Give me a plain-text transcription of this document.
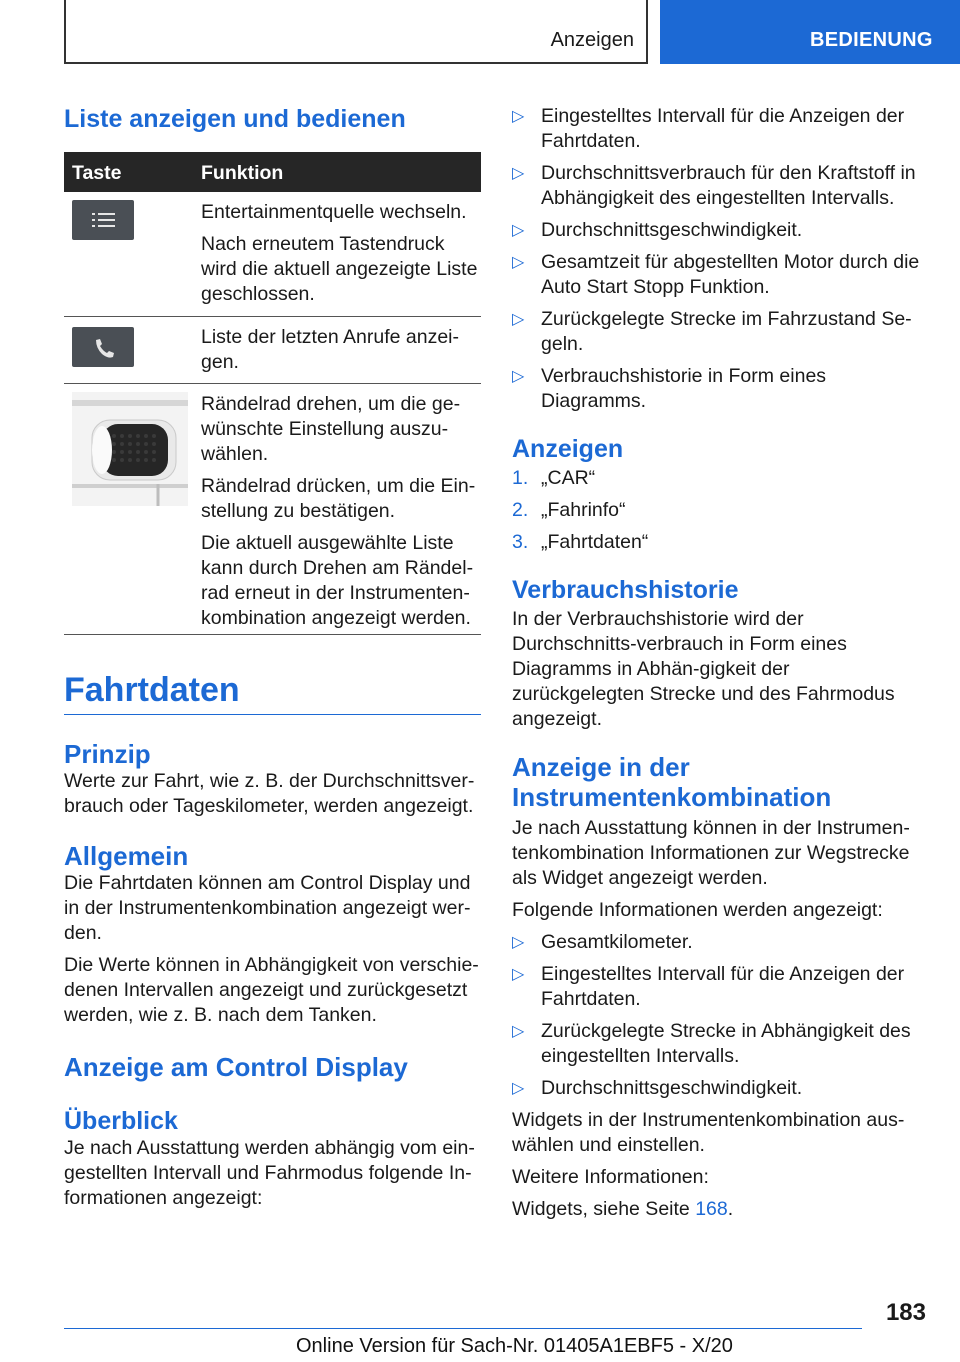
Anzeigen	BEDIENUNG
Liste anzeigen und bedienen
Taste	Funktion

Entertainmentquelle wechseln.

Nach erneutem Tastendruck wird die aktuell angezeigte Liste geschlossen.

Liste der letzten Anrufe anzei-gen.

Rändelrad drehen, um die ge-wünschte Einstellung auszu-wählen.

Rändelrad drücken, um die Ein-stellung zu bestätigen.

Die aktuell ausgewählte Liste kann durch Drehen am Rändel-rad erneut in der Instrumenten-kombination angezeigt werden.

Fahrtdaten
Prinzip

Werte zur Fahrt, wie z. B. der Durchschnittsver-brauch oder Tageskilometer, werden angezeigt.

Allgemein

Die Fahrtdaten können am Control Display und in der Instrumentenkombination angezeigt wer-den.

Die Werte können in Abhängigkeit von verschie-denen Intervallen angezeigt und zurückgesetzt werden, wie z. B. nach dem Tanken.

Anzeige am Control Display
Überblick

Je nach Ausstattung werden abhängig vom ein-gestellten Intervall und Fahrmodus folgende In-formationen angezeigt:

▷ Eingestelltes Intervall für die Anzeigen der Fahrtdaten.
▷ Durchschnittsverbrauch für den Kraftstoff in Abhängigkeit des eingestellten Intervalls.
▷ Durchschnittsgeschwindigkeit.
▷ Gesamtzeit für abgestellten Motor durch die Auto Start Stopp Funktion.
▷ Zurückgelegte Strecke im Fahrzustand Se-geln.
▷ Verbrauchshistorie in Form eines Diagramms.
Anzeigen
1. „CAR“
2. „Fahrinfo“
3. „Fahrtdaten“
Verbrauchshistorie

In der Verbrauchshistorie wird der Durchschnitts-verbrauch in Form eines Diagramms in Abhän-gigkeit der zurückgelegten Strecke und des Fahrmodus angezeigt.

Anzeige in der
Instrumentenkombination

Je nach Ausstattung können in der Instrumen-tenkombination Informationen zur Wegstrecke als Widget angezeigt werden.

Folgende Informationen werden angezeigt:

▷ Gesamtkilometer.
▷ Eingestelltes Intervall für die Anzeigen der Fahrtdaten.
▷ Zurückgelegte Strecke in Abhängigkeit des eingestellten Intervalls.
▷ Durchschnittsgeschwindigkeit.

Widgets in der Instrumentenkombination aus-wählen und einstellen.

Weitere Informationen:

Widgets, siehe Seite 168.

183
Online Version für Sach-Nr. 01405A1EBF5 - X/20
